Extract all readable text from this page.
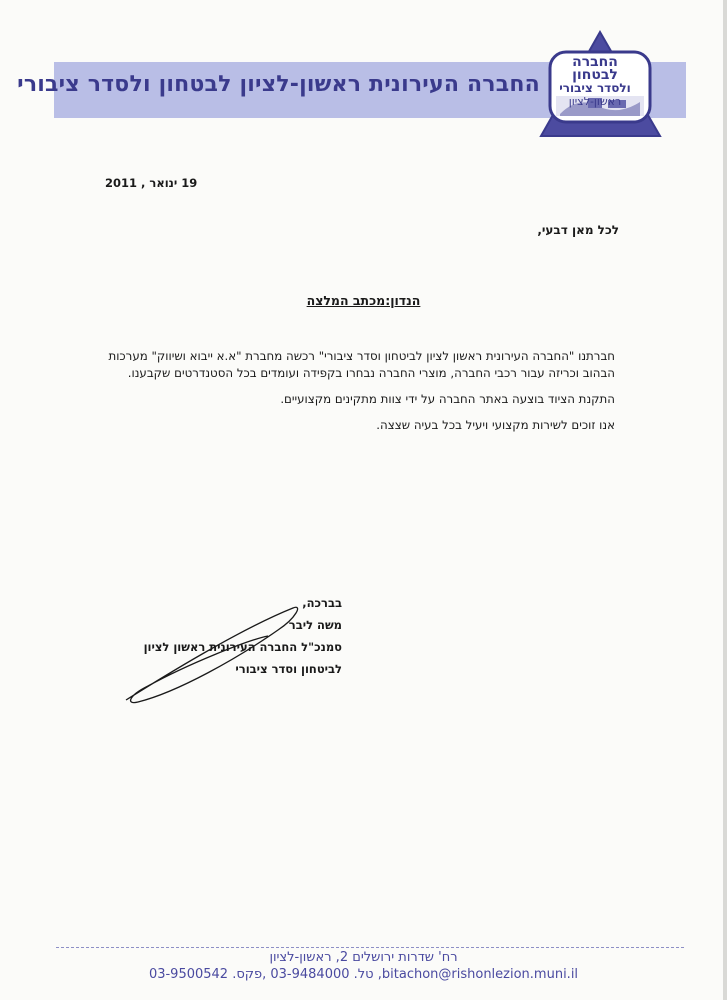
החברה העירונית ראשון-לציון לבטחון ולסדר ציבורי
החברה לבטחון
ולסדר ציבורי
ראשון-לציון
19 ינואר , 2011
לכל מאן דבעי,
הנדון:מכתב המלצה

חברתנו "החברה העירונית ראשון לציון לביטחון וסדר ציבורי" רכשה מחברת "א.א ייבוא ושיווק" מערכות הבהוב וכריזה עבור רכבי החברה, מוצרי החברה נבחרו בקפידה ועומדים בכל הסטנדרטים שקבענו.

התקנת הציוד בוצעה באתר החברה על ידי צוות מתקינים מקצועיים.

אנו זוכים לשירות מקצועי ויעיל בכל בעיה שצצה.

בברכה,
משה ליבר
סמנכ"ל החברה העירונית ראשון לציון
לביטחון וסדר ציבורי
רח' שדרות ירושלים 2, ראשון-לציון
טל. 03-9484000 ,פקס. 03-9500542 ,bitachon@rishonlezion.muni.il
